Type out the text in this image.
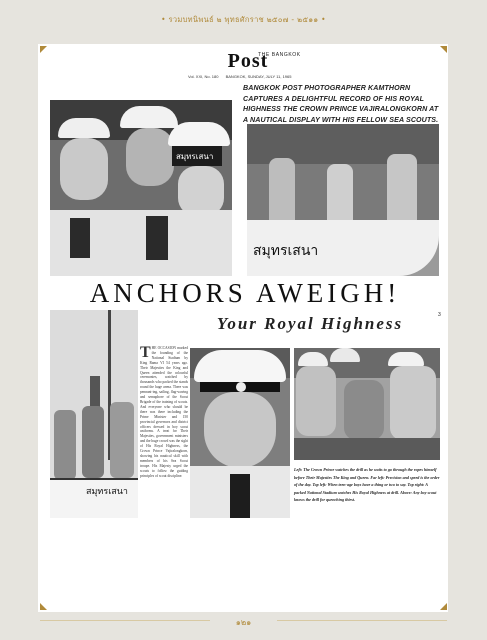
• รวมบทนิพนธ์ ๒ พุทธศักราช ๒๕๐๗ - ๒๕๑๑ •
Post
THE BANGKOK
Vol. XXI, No. 180 BANGKOK, SUNDAY, JULY 11, 1965
BANGKOK POST PHOTOGRAPHER KAMTHORN CAPTURES A DELIGHTFUL RECORD OF HIS ROYAL HIGHNESS THE CROWN PRINCE VAJIRALONGKORN AT A NAUTICAL DISPLAY WITH HIS FELLOW SEA SCOUTS.
สมุทรเสนา
สมุทรเสนา
ANCHORS AWEIGH!
Your Royal Highness	3
สมุทรเสนา
T HE OCCASION marked the founding of the National Stadium by King Rama VI 54 years ago. Their Majesties the King and Queen attended the colourful ceremonies, watched by thousands who packed the stands round the huge arena. There was pennant-ing, sailing, flag-waving and semaphore of the Scout Brigade of the training of scouts. And everyone who should be there was there including the Prime Minister and 150 provincial governors and district officers dressed in boy scout uniforms. A treat for Their Majesties, government ministers and the huge crowd was the sight of His Royal Highness, the Crown Prince Vajiralongkorn, showing his nautical skill with members of his Sea Scout troupe. His Majesty urged the scouts to follow the guiding principles of scout discipline.
Left: The Crown Prince watches the drill as he waits to go through the ropes himself before Their Majesties The King and Queen. Far left: Precision and speed is the order of the day. Top left: When teen-age boys have a thing or two to say. Top right: A packed National Stadium watches His Royal Highness at drill. Above: Any boy scout knows the drill for quenching thirst.
๑๒๑
